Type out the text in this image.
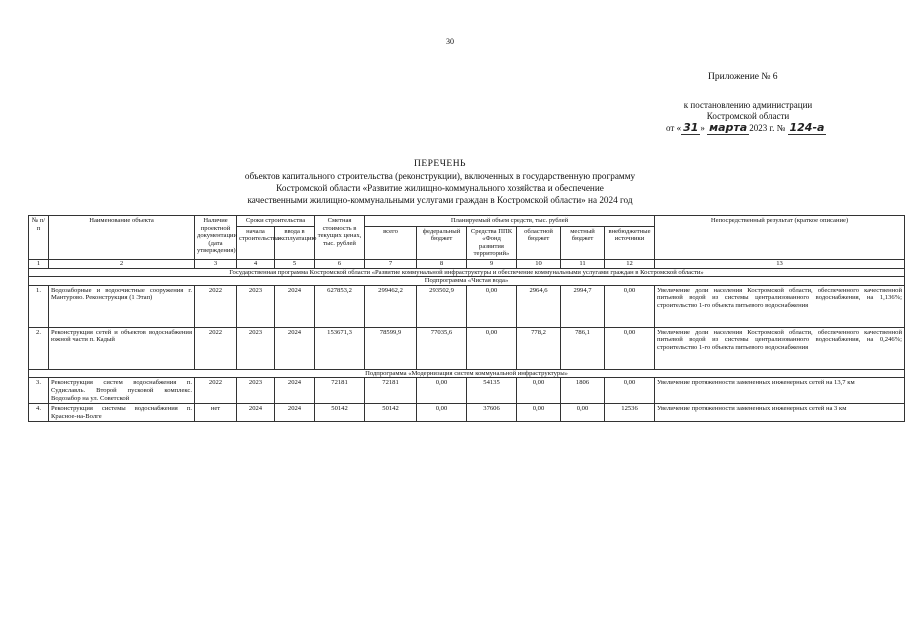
30
Приложение № 6
к постановлению администрации
Костромской области
от « 31 » марта 2023 г. № 124-а
ПЕРЕЧЕНЬ
объектов капитального строительства (реконструкции), включенных в государственную программу
Костромской области «Развитие жилищно-коммунального хозяйства и обеспечение
качественными жилищно-коммунальными услугами граждан в Костромской области» на 2024 год
№ п/п	Наименование объекта	Наличие проектной документации (дата утверждения)	Сроки строительства		Сметная стоимость в текущих ценах, тыс. рублей	Планируемый объем средств, тыс. рублей						Непосредственный результат (краткое описание)
			начала строительства	ввода в эксплуатацию		всего	федеральный бюджет	Средства ППК «Фонд развития территорий»	областной бюджет	местный бюджет	внебюджетные источники	
1	2	3	4	5	6	7	8	9	10	11	12	13
Государственная программа Костромской области «Развитие коммунальной инфраструктуры и обеспечение коммунальными услугами граждан в Костромской области»												
Подпрограмма «Чистая вода»												
1.	Водозаборные и водоочистные сооружения г. Мантурово. Реконструкция (1 Этап)	2022	2023	2024	627853,2	299462,2	293502,9	0,00	2964,6	2994,7	0,00	Увеличение доли населения Костромской области, обеспеченного качественной питьевой водой из системы централизованного водоснабжения, на 1,136%; строительство 1-го объекта питьевого водоснабжения
2.	Реконструкция сетей и объектов водоснабжения южной части п. Кадый	2022	2023	2024	153671,3	78599,9	77035,6	0,00	778,2	786,1	0,00	Увеличение доли населения Костромской области, обеспеченного качественной питьевой водой из системы централизованного водоснабжения, на 0,246%; строительство 1-го объекта питьевого водоснабжения
Подпрограмма «Модернизация систем коммунальной инфраструктуры»												
3.	Реконструкция систем водоснабжения п. Судиславль. Второй пусковой комплекс. Водозабор на ул. Советской	2022	2023	2024	72181	72181	0,00	54135	0,00	1806	0,00	Увеличение протяженности замененных инженерных сетей на 13,7 км
4.	Реконструкция системы водоснабжения п. Красное-на-Волге	нет	2024	2024	50142	50142	0,00	37606	0,00	0,00	12536	Увеличение протяженности замененных инженерных сетей на 3 км
